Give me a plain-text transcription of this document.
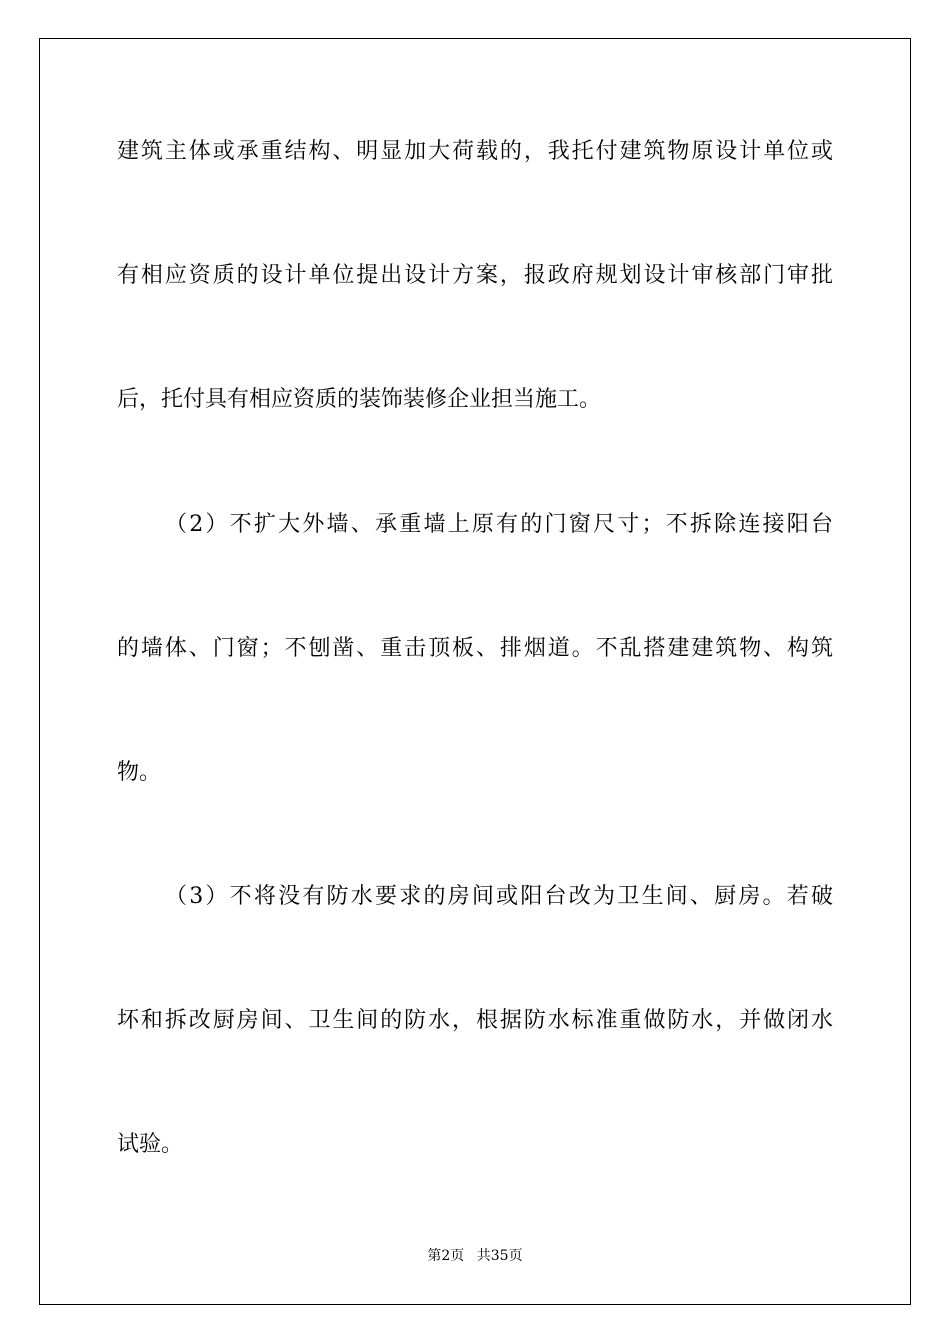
建筑主体或承重结构、明显加大荷载的，我托付建筑物原设计单位或
有相应资质的设计单位提出设计方案，报政府规划设计审核部门审批
后，托付具有相应资质的装饰装修企业担当施工。
（2）不扩大外墙、承重墙上原有的门窗尺寸；不拆除连接阳台
的墙体、门窗；不刨凿、重击顶板、排烟道。不乱搭建建筑物、构筑
物。
（3）不将没有防水要求的房间或阳台改为卫生间、厨房。若破
坏和拆改厨房间、卫生间的防水，根据防水标准重做防水，并做闭水
试验。
第2页 共35页
